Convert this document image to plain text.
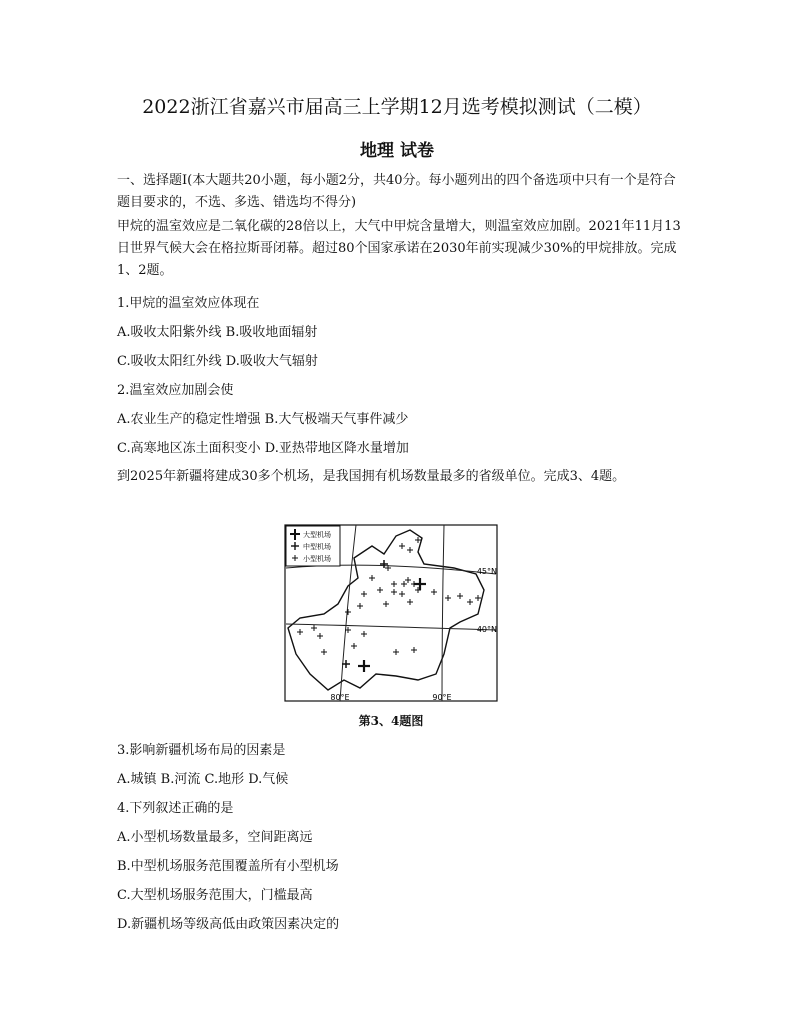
2022浙江省嘉兴市届高三上学期12月选考模拟测试（二模）
地理 试卷
一、选择题Ⅰ(本大题共20小题，每小题2分，共40分。每小题列出的四个备选项中只有一个是符合题目要求的，不选、多选、错选均不得分)
甲烷的温室效应是二氧化碳的28倍以上，大气中甲烷含量增大，则温室效应加剧。2021年11月13日世界气候大会在格拉斯哥闭幕。超过80个国家承诺在2030年前实现减少30%的甲烷排放。完成1、2题。
1.甲烷的温室效应体现在
A.吸收太阳紫外线 B.吸收地面辐射
C.吸收太阳红外线 D.吸收大气辐射
2.温室效应加剧会使
A.农业生产的稳定性增强 B.大气极端天气事件减少
C.高寒地区冻土面积变小 D.亚热带地区降水量增加
到2025年新疆将建成30多个机场，是我国拥有机场数量最多的省级单位。完成3、4题。
大型机场
中型机场
小型机场
45°N
40°N
80°E	90°E
第3、4题图
3.影响新疆机场布局的因素是
A.城镇 B.河流 C.地形 D.气候
4.下列叙述正确的是
A.小型机场数量最多，空间距离远
B.中型机场服务范围覆盖所有小型机场
C.大型机场服务范围大，门槛最高
D.新疆机场等级高低由政策因素决定的
